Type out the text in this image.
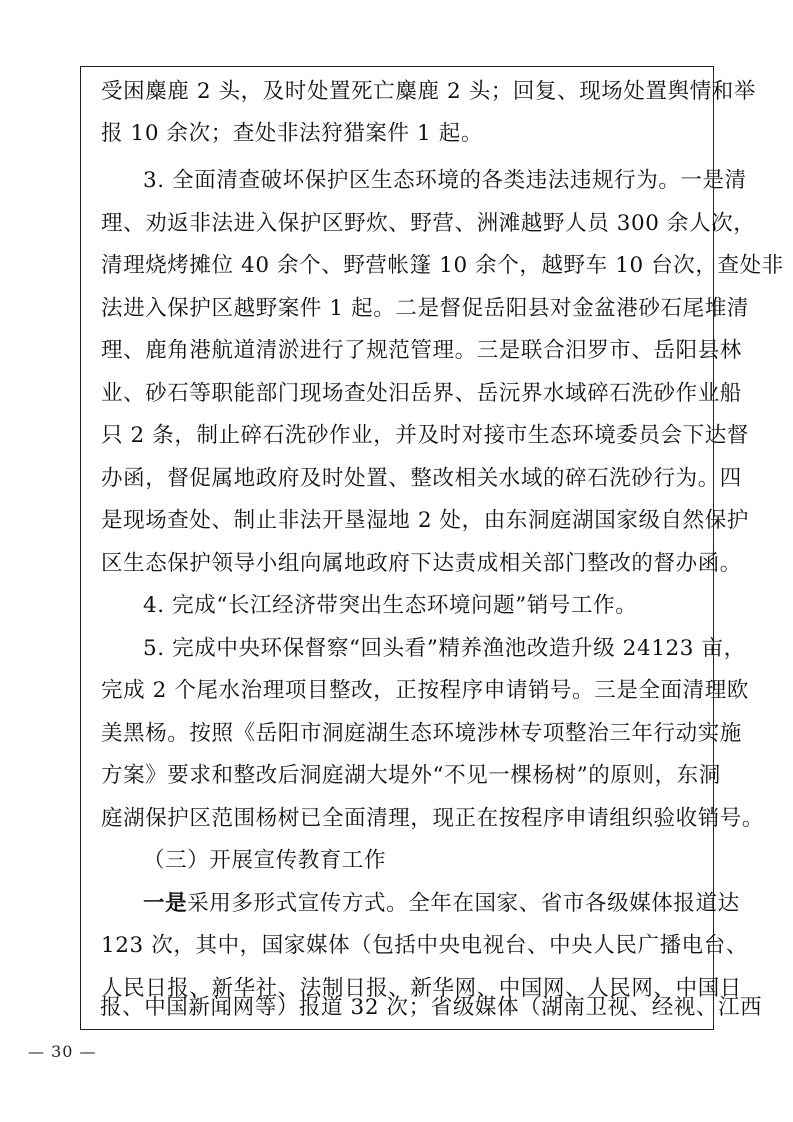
受困麋鹿 2 头，及时处置死亡麋鹿 2 头；回复、现场处置舆情和举
报 10 余次；查处非法狩猎案件 1 起。
3. 全面清查破坏保护区生态环境的各类违法违规行为。一是清
理、劝返非法进入保护区野炊、野营、洲滩越野人员 300 余人次，
清理烧烤摊位 40 余个、野营帐篷 10 余个，越野车 10 台次，查处非
法进入保护区越野案件 1 起。二是督促岳阳县对金盆港砂石尾堆清
理、鹿角港航道清淤进行了规范管理。三是联合汨罗市、岳阳县林
业、砂石等职能部门现场查处汨岳界、岳沅界水域碎石洗砂作业船
只 2 条，制止碎石洗砂作业，并及时对接市生态环境委员会下达督
办函，督促属地政府及时处置、整改相关水域的碎石洗砂行为。四
是现场查处、制止非法开垦湿地 2 处，由东洞庭湖国家级自然保护
区生态保护领导小组向属地政府下达责成相关部门整改的督办函。
4. 完成“长江经济带突出生态环境问题”销号工作。
5. 完成中央环保督察“回头看”精养渔池改造升级 24123 亩，
完成 2 个尾水治理项目整改，正按程序申请销号。三是全面清理欧
美黑杨。按照《岳阳市洞庭湖生态环境涉林专项整治三年行动实施
方案》要求和整改后洞庭湖大堤外“不见一棵杨树”的原则，东洞
庭湖保护区范围杨树已全面清理，现正在按程序申请组织验收销号。
（三）开展宣传教育工作
一是采用多形式宣传方式。全年在国家、省市各级媒体报道达
123 次，其中，国家媒体（包括中央电视台、中央人民广播电台、
人民日报、新华社、法制日报、新华网、中国网、人民网、中国日
报、中国新闻网等）报道 32 次；省级媒体（湖南卫视、经视、江西
— 30 —
